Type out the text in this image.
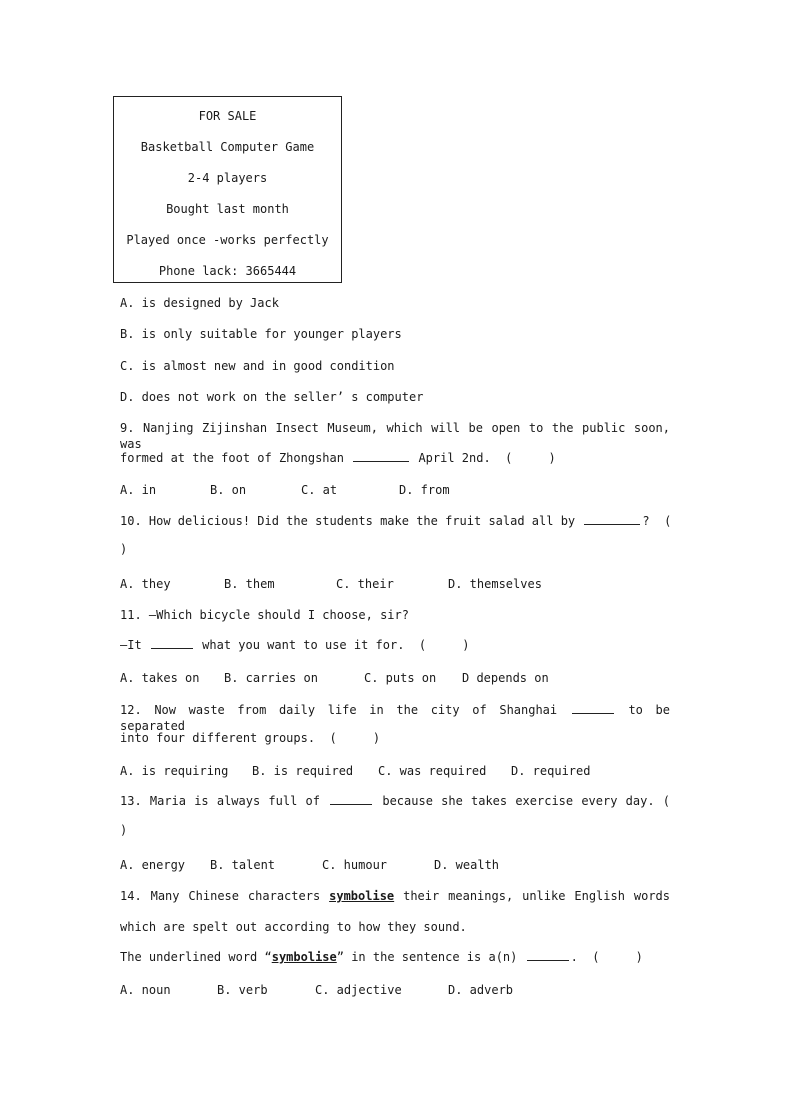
FOR SALE
Basketball Computer Game
2-4 players
Bought last month
Played once -works perfectly
Phone lack: 3665444
A. is designed by Jack
B. is only suitable for younger players
C. is almost new and in good condition
D. does not work on the seller’ s computer
9. Nanjing Zijinshan Insect Museum, which will be open to the public soon, was
formed at the foot of Zhongshan	April 2nd.  (     )
A. in	B. on	C. at	D. from
10. How delicious! Did the students make the fruit salad all by	?  (
)
A. they	B. them	C. their	D. themselves
11. —Which bicycle should I choose, sir?
—It	what you want to use it for.  (     )
A. takes on B. carries on	C. puts on D depends on
12. Now waste from daily life in the city of Shanghai	to be separated
into four different groups.  (     )
A. is requiring B. is required C. was required D. required
13. Maria is always full of	because she takes exercise every day. (
)
A. energy B. talent	C. humour	D. wealth
14. Many Chinese characters symbolise their meanings, unlike English words
which are spelt out according to how they sound.
The underlined word “symbolise” in the sentence is a(n)	.  (     )
A. noun	B. verb	C. adjective	D. adverb
